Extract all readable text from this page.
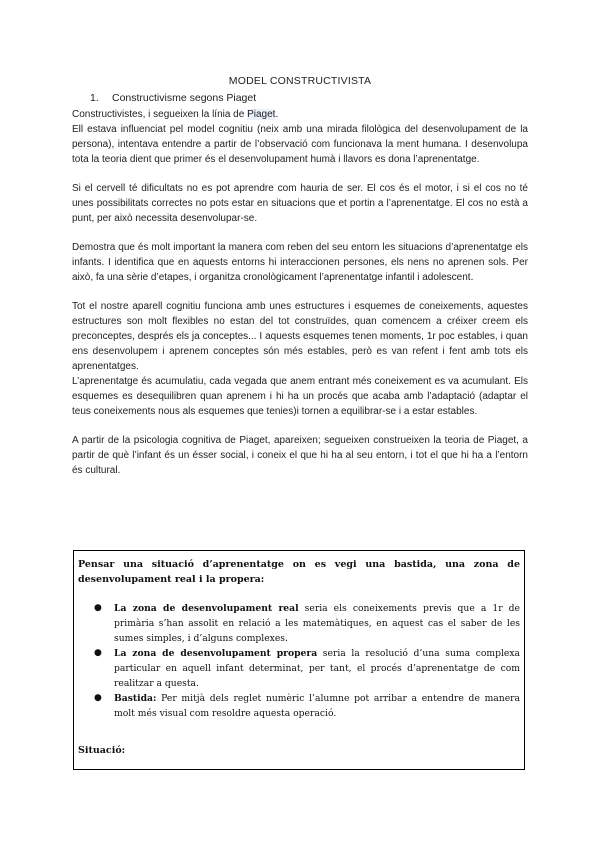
MODEL CONSTRUCTIVISTA
1. Constructivisme segons Piaget

Constructivistes, i segueixen la línia de Piaget.

Ell estava influenciat pel model cognitiu (neix amb una mirada filològica del desenvolupament de la persona), intentava entendre a partir de l’observació com funcionava la ment humana. I desenvolupa tota la teoria dient que primer és el desenvolupament humà i llavors es dona l’aprenentatge.

Si el cervell té dificultats no es pot aprendre com hauria de ser. El cos és el motor, i si el cos no té unes possibilitats correctes no pots estar en situacions que et portin a l’aprenentatge. El cos no està a punt, per això necessita desenvolupar-se.

Demostra que és molt important la manera com reben del seu entorn les situacions d’aprenentatge els infants. I identifica que en aquests entorns hi interaccionen persones, els nens no aprenen sols. Per això, fa una sèrie d’etapes, i organitza cronològicament l’aprenentatge infantil i adolescent.

Tot el nostre aparell cognitiu funciona amb unes estructures i esquemes de coneixements, aquestes estructures son molt flexibles no estan del tot construïdes, quan comencem a créixer creem els preconceptes, després els ja conceptes... I aquests esquemes tenen moments, 1r poc estables, i quan ens desenvolupem i aprenem conceptes són més estables, però es van refent i fent amb tots els aprenentatges.

L’aprenentatge és acumulatiu, cada vegada que anem entrant més coneixement es va acumulant. Els esquemes es desequilibren quan aprenem i hi ha un procés que acaba amb l’adaptació (adaptar el teus coneixements nous als esquemes que tenies)i tornen a equilibrar-se i a estar estables.

A partir de la psicologia cognitiva de Piaget, apareixen; segueixen construeixen la teoria de Piaget, a partir de què l’infant és un ésser social, i coneix el que hi ha al seu entorn, i tot el que hi ha a l’entorn és cultural.

Pensar una situació d’aprenentatge on es vegi una bastida, una zona de desenvolupament real i la propera:
● La zona de desenvolupament real seria els coneixements previs que a 1r de primària s’han assolit en relació a les matemàtiques, en aquest cas el saber de les sumes simples, i d’alguns complexes.
● La zona de desenvolupament propera seria la resolució d’una suma complexa particular en aquell infant determinat, per tant, el procés d’aprenentatge de com realitzar a questa.
● Bastida: Per mitjà dels reglet numèric l’alumne pot arribar a entendre de manera molt més visual com resoldre aquesta operació.
Situació:
